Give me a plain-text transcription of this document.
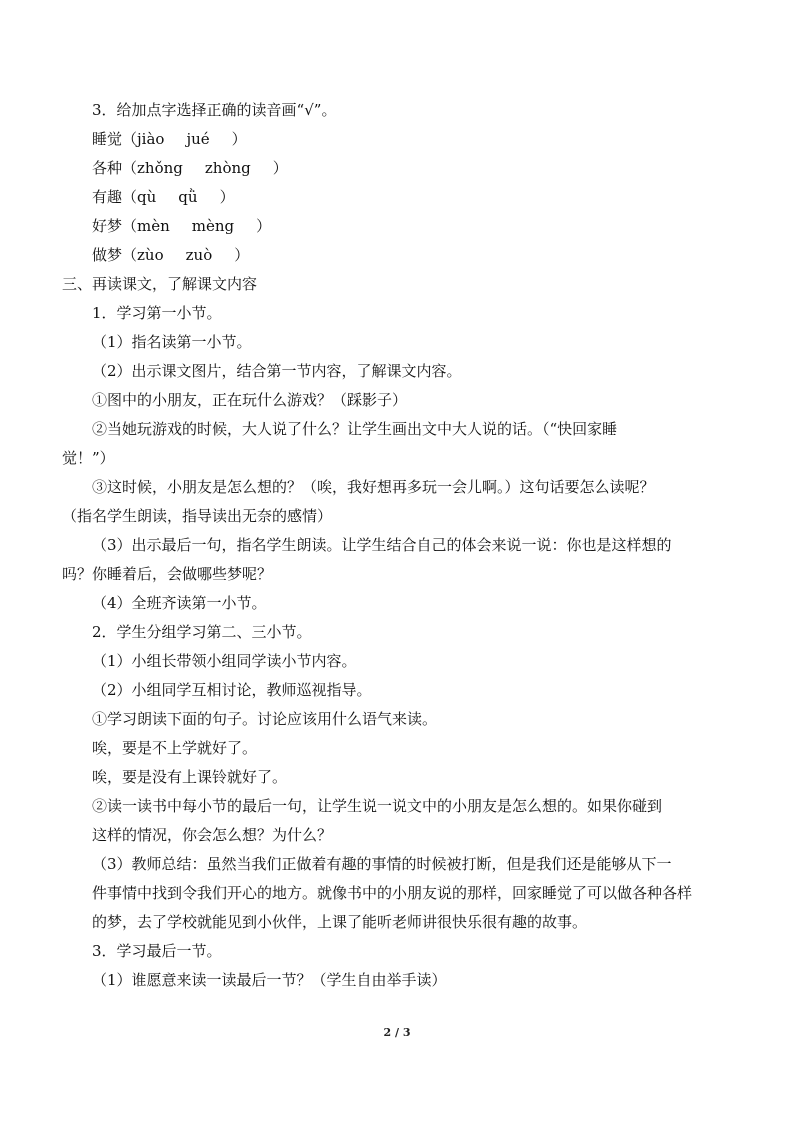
3．给加点字选择正确的读音画“√”。

睡觉（jiào jué ）

各种（zhǒng zhòng ）

有趣（qù qǜ ）

好梦（mèn mèng ）

做梦（zùo zuò ）

三、再读课文，了解课文内容

1．学习第一小节。

（1）指名读第一小节。

（2）出示课文图片，结合第一节内容，了解课文内容。

①图中的小朋友，正在玩什么游戏？（踩影子）

②当她玩游戏的时候，大人说了什么？让学生画出文中大人说的话。（“快回家睡

觉！”）

③这时候，小朋友是怎么想的？（唉，我好想再多玩一会儿啊。）这句话要怎么读呢？

（指名学生朗读，指导读出无奈的感情）

（3）出示最后一句，指名学生朗读。让学生结合自己的体会来说一说：你也是这样想的

吗？你睡着后，会做哪些梦呢？

（4）全班齐读第一小节。

2．学生分组学习第二、三小节。

（1）小组长带领小组同学读小节内容。

（2）小组同学互相讨论，教师巡视指导。

①学习朗读下面的句子。讨论应该用什么语气来读。

唉，要是不上学就好了。

唉，要是没有上课铃就好了。

②读一读书中每小节的最后一句，让学生说一说文中的小朋友是怎么想的。如果你碰到

这样的情况，你会怎么想？为什么？

（3）教师总结：虽然当我们正做着有趣的事情的时候被打断，但是我们还是能够从下一

件事情中找到令我们开心的地方。就像书中的小朋友说的那样，回家睡觉了可以做各种各样

的梦，去了学校就能见到小伙伴，上课了能听老师讲很快乐很有趣的故事。

3．学习最后一节。

（1）谁愿意来读一读最后一节？（学生自由举手读）

2 / 3
